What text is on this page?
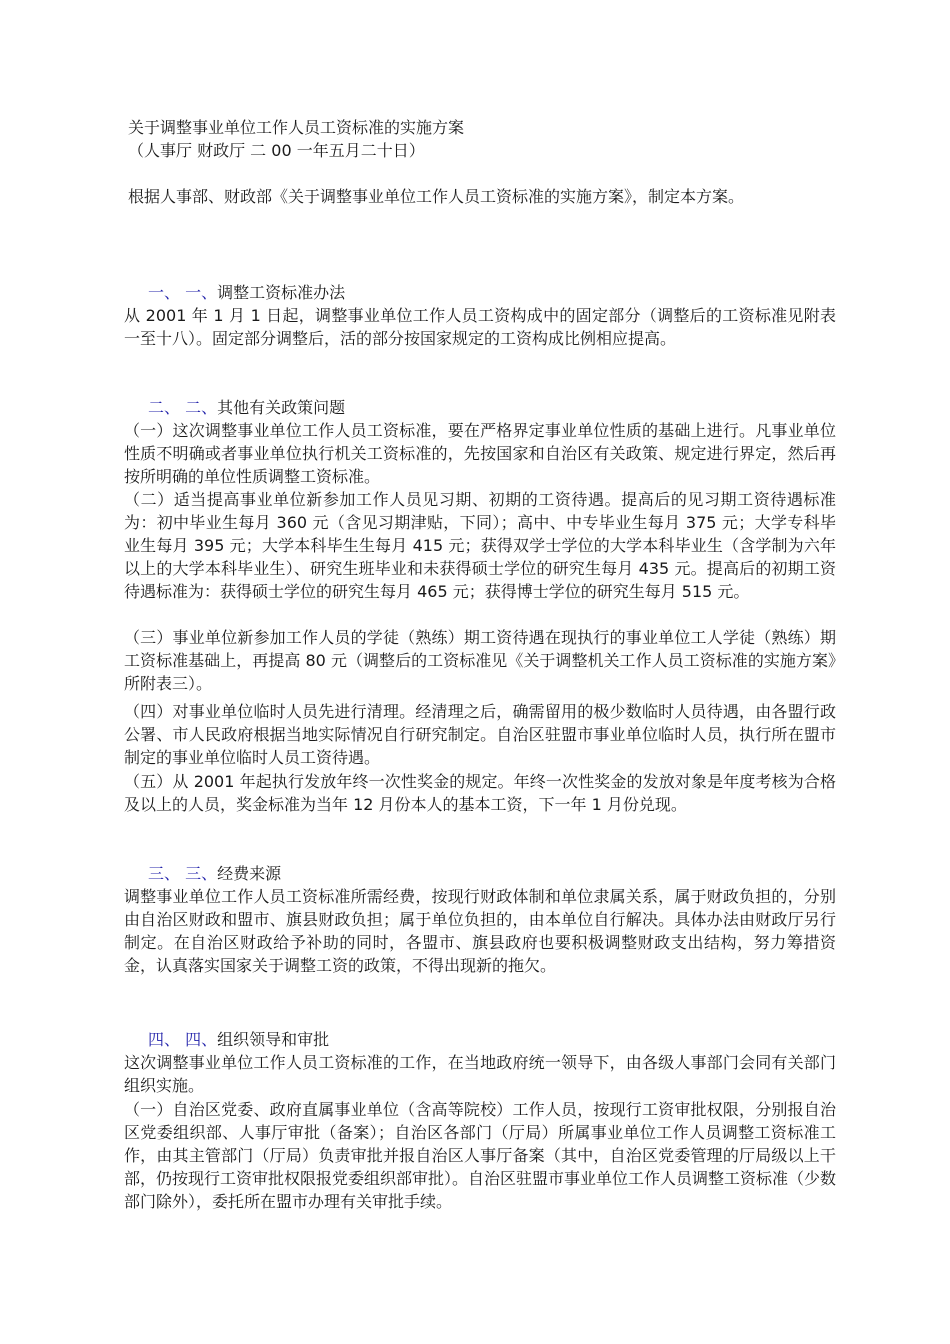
关于调整事业单位工作人员工资标准的实施方案
（人事厅 财政厅 二 00 一年五月二十日）
根据人事部、财政部《关于调整事业单位工作人员工资标准的实施方案》，制定本方案。
一、 一、调整工资标准办法
从 2001 年 1 月 1 日起，调整事业单位工作人员工资构成中的固定部分（调整后的工资标准见附表一至十八）。固定部分调整后，活的部分按国家规定的工资构成比例相应提高。
二、 二、其他有关政策问题
（一）这次调整事业单位工作人员工资标准，要在严格界定事业单位性质的基础上进行。凡事业单位性质不明确或者事业单位执行机关工资标准的，先按国家和自治区有关政策、规定进行界定，然后再按所明确的单位性质调整工资标准。
（二）适当提高事业单位新参加工作人员见习期、初期的工资待遇。提高后的见习期工资待遇标准为：初中毕业生每月 360 元（含见习期津贴，下同）；高中、中专毕业生每月 375 元；大学专科毕业生每月 395 元；大学本科毕生生每月 415 元；获得双学士学位的大学本科毕业生（含学制为六年以上的大学本科毕业生）、研究生班毕业和未获得硕士学位的研究生每月 435 元。提高后的初期工资待遇标准为：获得硕士学位的研究生每月 465 元；获得博士学位的研究生每月 515 元。
（三）事业单位新参加工作人员的学徒（熟练）期工资待遇在现执行的事业单位工人学徒（熟练）期工资标准基础上，再提高 80 元（调整后的工资标准见《关于调整机关工作人员工资标准的实施方案》所附表三）。
（四）对事业单位临时人员先进行清理。经清理之后，确需留用的极少数临时人员待遇，由各盟行政公署、市人民政府根据当地实际情况自行研究制定。自治区驻盟市事业单位临时人员，执行所在盟市制定的事业单位临时人员工资待遇。
（五）从 2001 年起执行发放年终一次性奖金的规定。年终一次性奖金的发放对象是年度考核为合格及以上的人员，奖金标准为当年 12 月份本人的基本工资，下一年 1 月份兑现。
三、 三、经费来源
调整事业单位工作人员工资标准所需经费，按现行财政体制和单位隶属关系，属于财政负担的，分别由自治区财政和盟市、旗县财政负担；属于单位负担的，由本单位自行解决。具体办法由财政厅另行制定。在自治区财政给予补助的同时，各盟市、旗县政府也要积极调整财政支出结构，努力筹措资金，认真落实国家关于调整工资的政策，不得出现新的拖欠。
四、 四、组织领导和审批
这次调整事业单位工作人员工资标准的工作，在当地政府统一领导下，由各级人事部门会同有关部门组织实施。
（一）自治区党委、政府直属事业单位（含高等院校）工作人员，按现行工资审批权限，分别报自治区党委组织部、人事厅审批（备案）；自治区各部门（厅局）所属事业单位工作人员调整工资标准工作，由其主管部门（厅局）负责审批并报自治区人事厅备案（其中，自治区党委管理的厅局级以上干部，仍按现行工资审批权限报党委组织部审批）。自治区驻盟市事业单位工作人员调整工资标准（少数部门除外），委托所在盟市办理有关审批手续。
